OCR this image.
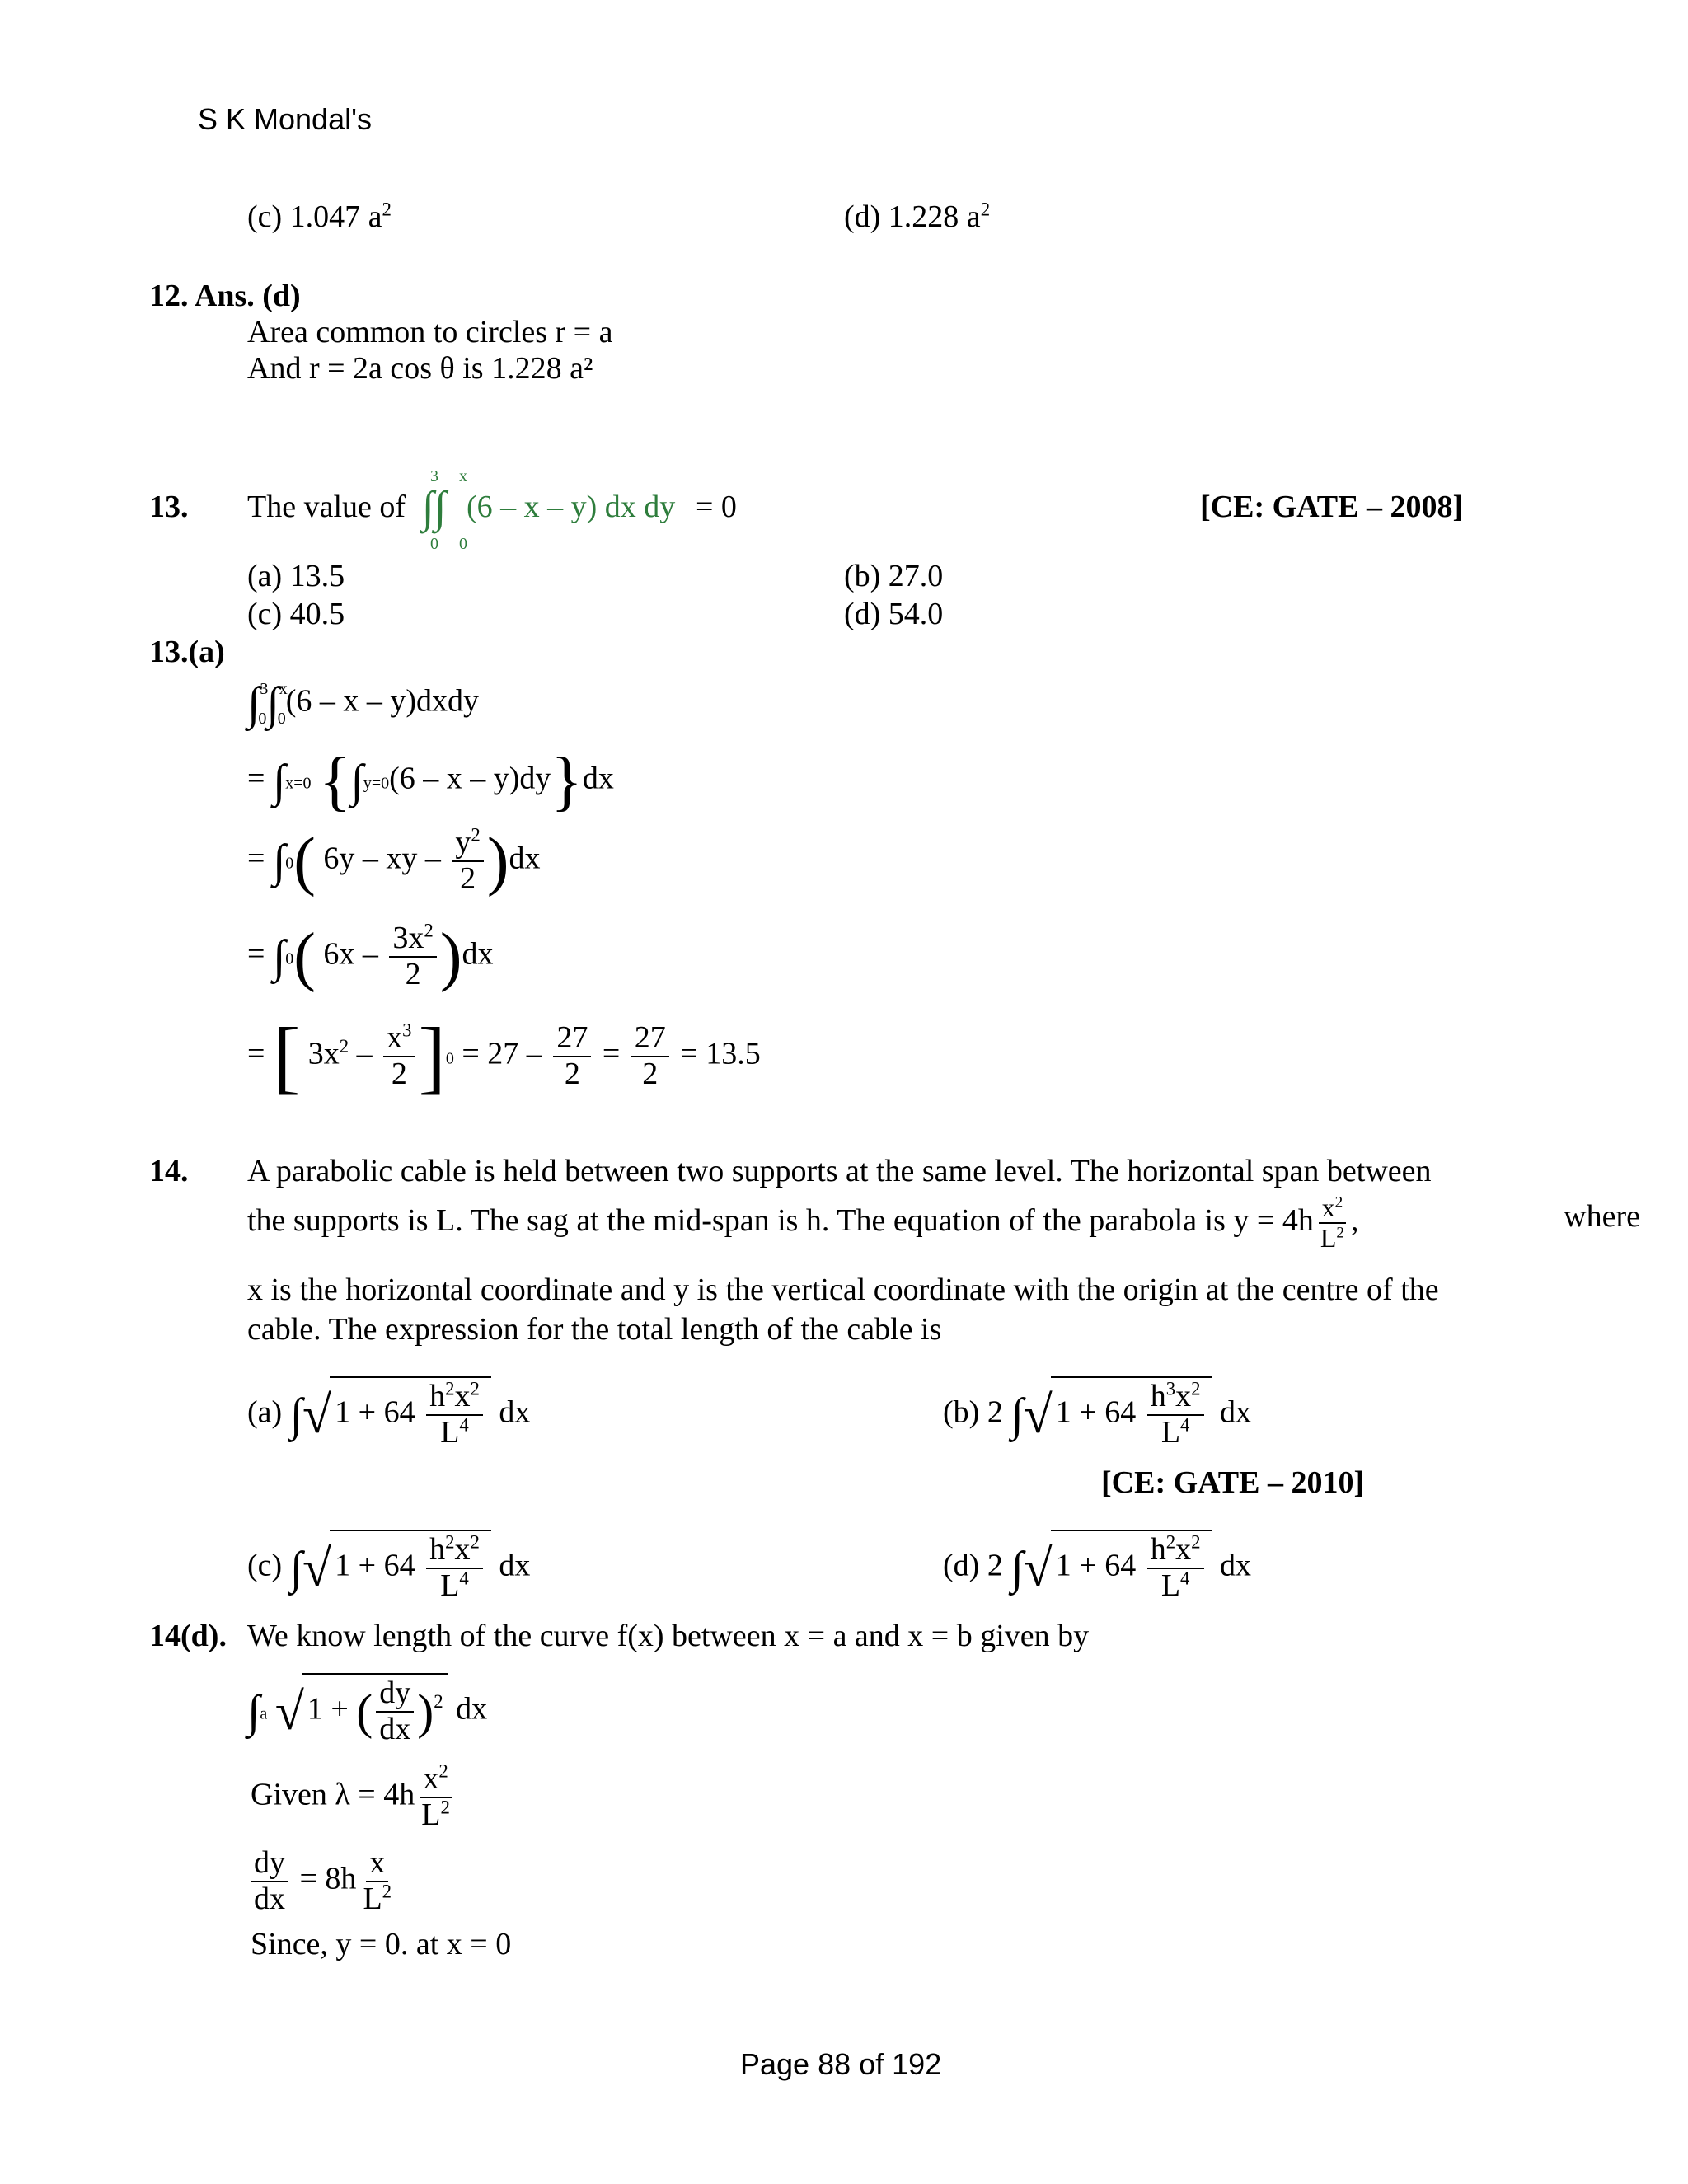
S K Mondal's
(c) 1.047 $a^2$	(d) 1.228 $a^2$
12. Ans. (d)
Area common to circles r = a
And r = 2a cos θ is 1.228 a²
13. The value of
3 x
∫∫
0 0
(6 – x – y) dx dy = 0	[CE: GATE – 2008]
(a) 13.5	(b) 27.0
(c) 40.5	(d) 54.0
13.(a)
∫$^3$0∫$^x$0(6 – x – y)dxdy
= ∫x=0 {∫y=0(6 – x – y)dy}dx
= ∫0( 6y – xy – $\frac{y^2}{2} )dx$
= ∫0( $6x - \frac{3x^2}{2} )dx$
= [ $3x^2 - \frac{x^3}{2} ]0 = 27 - \frac{27}{2} = \frac{27}{2} = 13.5$
14. A parabolic cable is held between two supports at the same level. The horizontal span between
the supports is L. The sag at the mid-span is h. The equation of the parabola is $y = 4h \frac{x^2}{L^2}$ ,	where
x is the horizontal coordinate and y is the vertical coordinate with the origin at the centre of the
cable. The expression for the total length of the cable is
(a) ∫√ $1 + 64 \frac{h^2x^2}{L^4}$ dx	(b) 2 ∫√ $1 + 64 \frac{h^3x^2}{L^4}$ dx
[CE: GATE – 2010]
(c) ∫√ $1 + 64 \frac{h^2x^2}{L^4}$ dx	(d) 2 ∫√ $1 + 64 \frac{h^2x^2}{L^4}$ dx
14(d). We know length of the curve f(x) between x = a and x = b given by
∫a √ 1 + ( $\frac{dy}{dx} )^2$ dx
Given $\lambda = 4h \frac{x^2}{L^2}$
$\frac{dy}{dx} = 8h \frac{x}{L^2}$
Since, y = 0. at x = 0
Page 88 of 192
